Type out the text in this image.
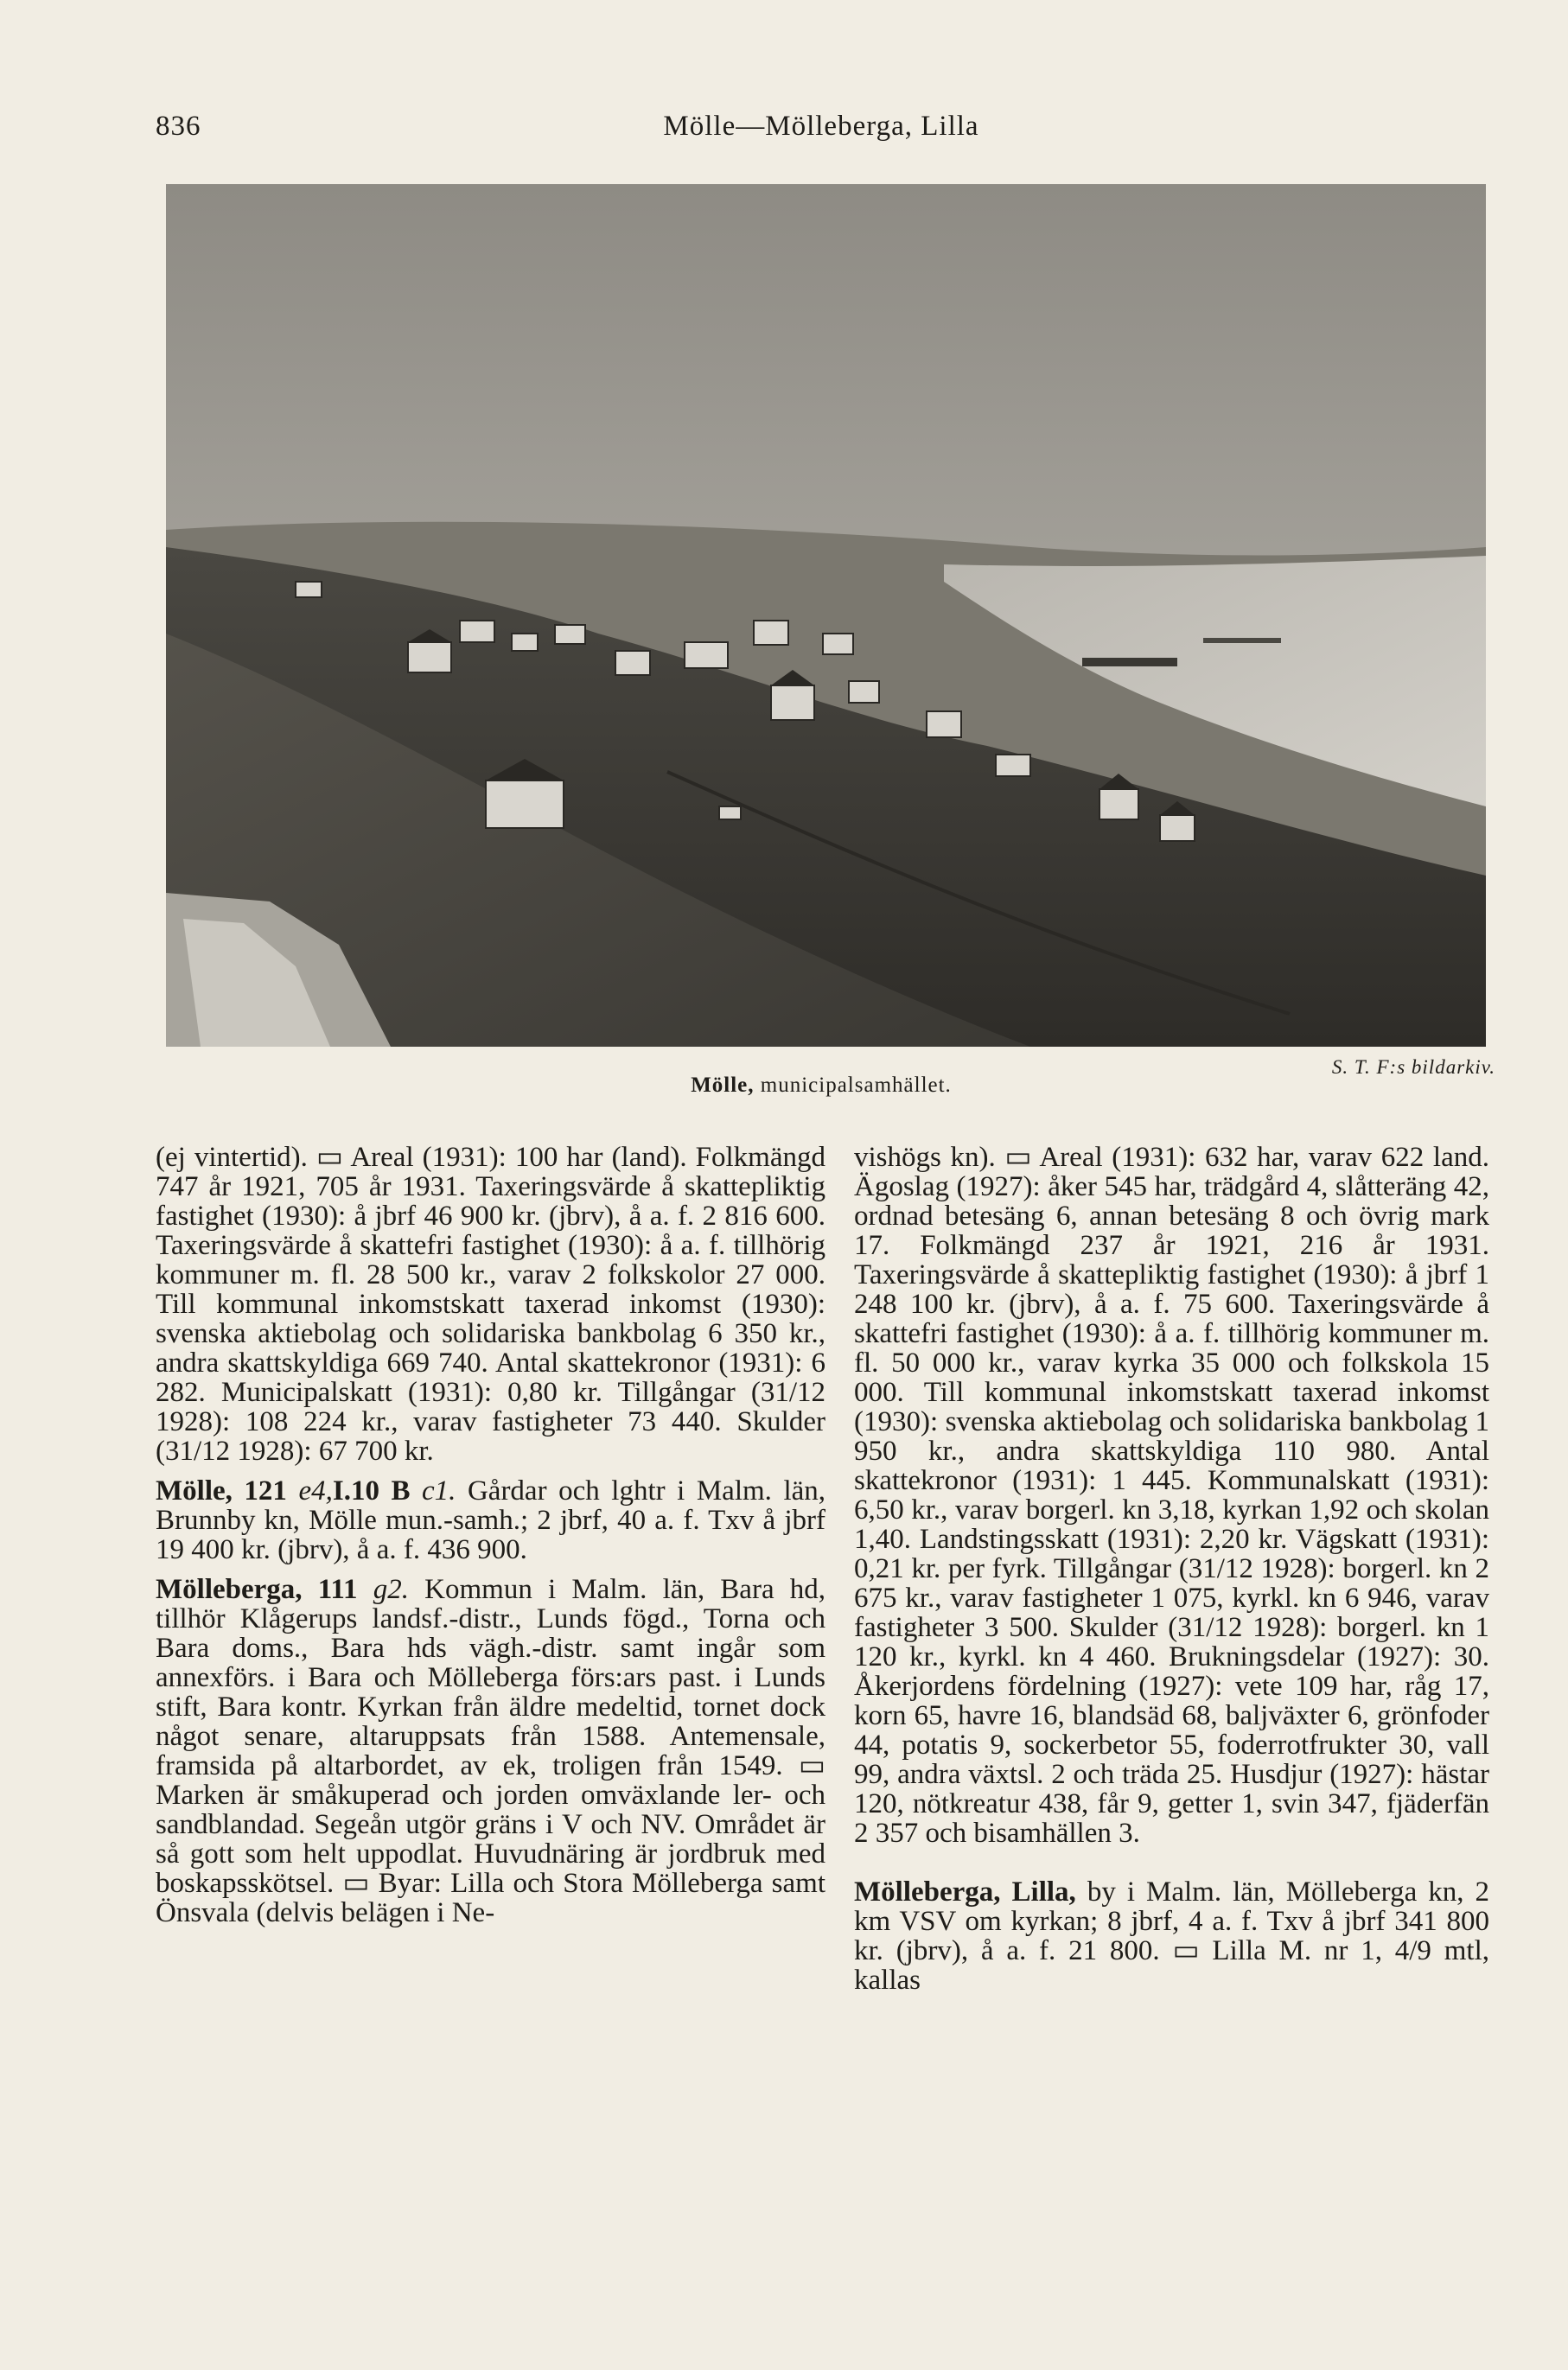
836	Mölle—Mölleberga, Lilla
S. T. F:s bildarkiv.
Mölle, municipalsamhället.

(ej vintertid). ▭ Areal (1931): 100 har (land). Folkmängd 747 år 1921, 705 år 1931. Taxeringsvärde å skattepliktig fastighet (1930): å jbrf 46 900 kr. (jbrv), å a. f. 2 816 600. Taxeringsvärde å skattefri fastighet (1930): å a. f. tillhörig kommuner m. fl. 28 500 kr., varav 2 folkskolor 27 000. Till kommunal inkomstskatt taxerad inkomst (1930): svenska aktiebolag och solidariska bankbolag 6 350 kr., andra skattskyldiga 669 740. Antal skattekronor (1931): 6 282. Municipalskatt (1931): 0,80 kr. Tillgångar (31/12 1928): 108 224 kr., varav fastigheter 73 440. Skulder (31/12 1928): 67 700 kr.

Mölle, 121 e4,I.10 B c1. Gårdar och lghtr i Malm. län, Brunnby kn, Mölle mun.-samh.; 2 jbrf, 40 a. f. Txv å jbrf 19 400 kr. (jbrv), å a. f. 436 900.

Mölleberga, 111 g2. Kommun i Malm. län, Bara hd, tillhör Klågerups landsf.-distr., Lunds fögd., Torna och Bara doms., Bara hds vägh.-distr. samt ingår som annexförs. i Bara och Mölleberga förs:ars past. i Lunds stift, Bara kontr. Kyrkan från äldre medeltid, tornet dock något senare, altaruppsats från 1588. Antemensale, framsida på altarbordet, av ek, troligen från 1549. ▭ Marken är småkuperad och jorden omväxlande ler- och sandblandad. Segeån utgör gräns i V och NV. Området är så gott som helt uppodlat. Huvudnäring är jordbruk med boskapsskötsel. ▭ Byar: Lilla och Stora Mölleberga samt Önsvala (delvis belägen i Ne-

vishögs kn). ▭ Areal (1931): 632 har, varav 622 land. Ägoslag (1927): åker 545 har, trädgård 4, slåtteräng 42, ordnad betesäng 6, annan betesäng 8 och övrig mark 17. Folkmängd 237 år 1921, 216 år 1931. Taxeringsvärde å skattepliktig fastighet (1930): å jbrf 1 248 100 kr. (jbrv), å a. f. 75 600. Taxeringsvärde å skattefri fastighet (1930): å a. f. tillhörig kommuner m. fl. 50 000 kr., varav kyrka 35 000 och folkskola 15 000. Till kommunal inkomstskatt taxerad inkomst (1930): svenska aktiebolag och solidariska bankbolag 1 950 kr., andra skattskyldiga 110 980. Antal skattekronor (1931): 1 445. Kommunalskatt (1931): 6,50 kr., varav borgerl. kn 3,18, kyrkan 1,92 och skolan 1,40. Landstingsskatt (1931): 2,20 kr. Vägskatt (1931): 0,21 kr. per fyrk. Tillgångar (31/12 1928): borgerl. kn 2 675 kr., varav fastigheter 1 075, kyrkl. kn 6 946, varav fastigheter 3 500. Skulder (31/12 1928): borgerl. kn 1 120 kr., kyrkl. kn 4 460. Brukningsdelar (1927): 30. Åkerjordens fördelning (1927): vete 109 har, råg 17, korn 65, havre 16, blandsäd 68, baljväxter 6, grönfoder 44, potatis 9, sockerbetor 55, foderrotfrukter 30, vall 99, andra växtsl. 2 och träda 25. Husdjur (1927): hästar 120, nötkreatur 438, får 9, getter 1, svin 347, fjäderfän 2 357 och bisamhällen 3.

Mölleberga, Lilla, by i Malm. län, Mölleberga kn, 2 km VSV om kyrkan; 8 jbrf, 4 a. f. Txv å jbrf 341 800 kr. (jbrv), å a. f. 21 800. ▭ Lilla M. nr 1, 4/9 mtl, kallas
